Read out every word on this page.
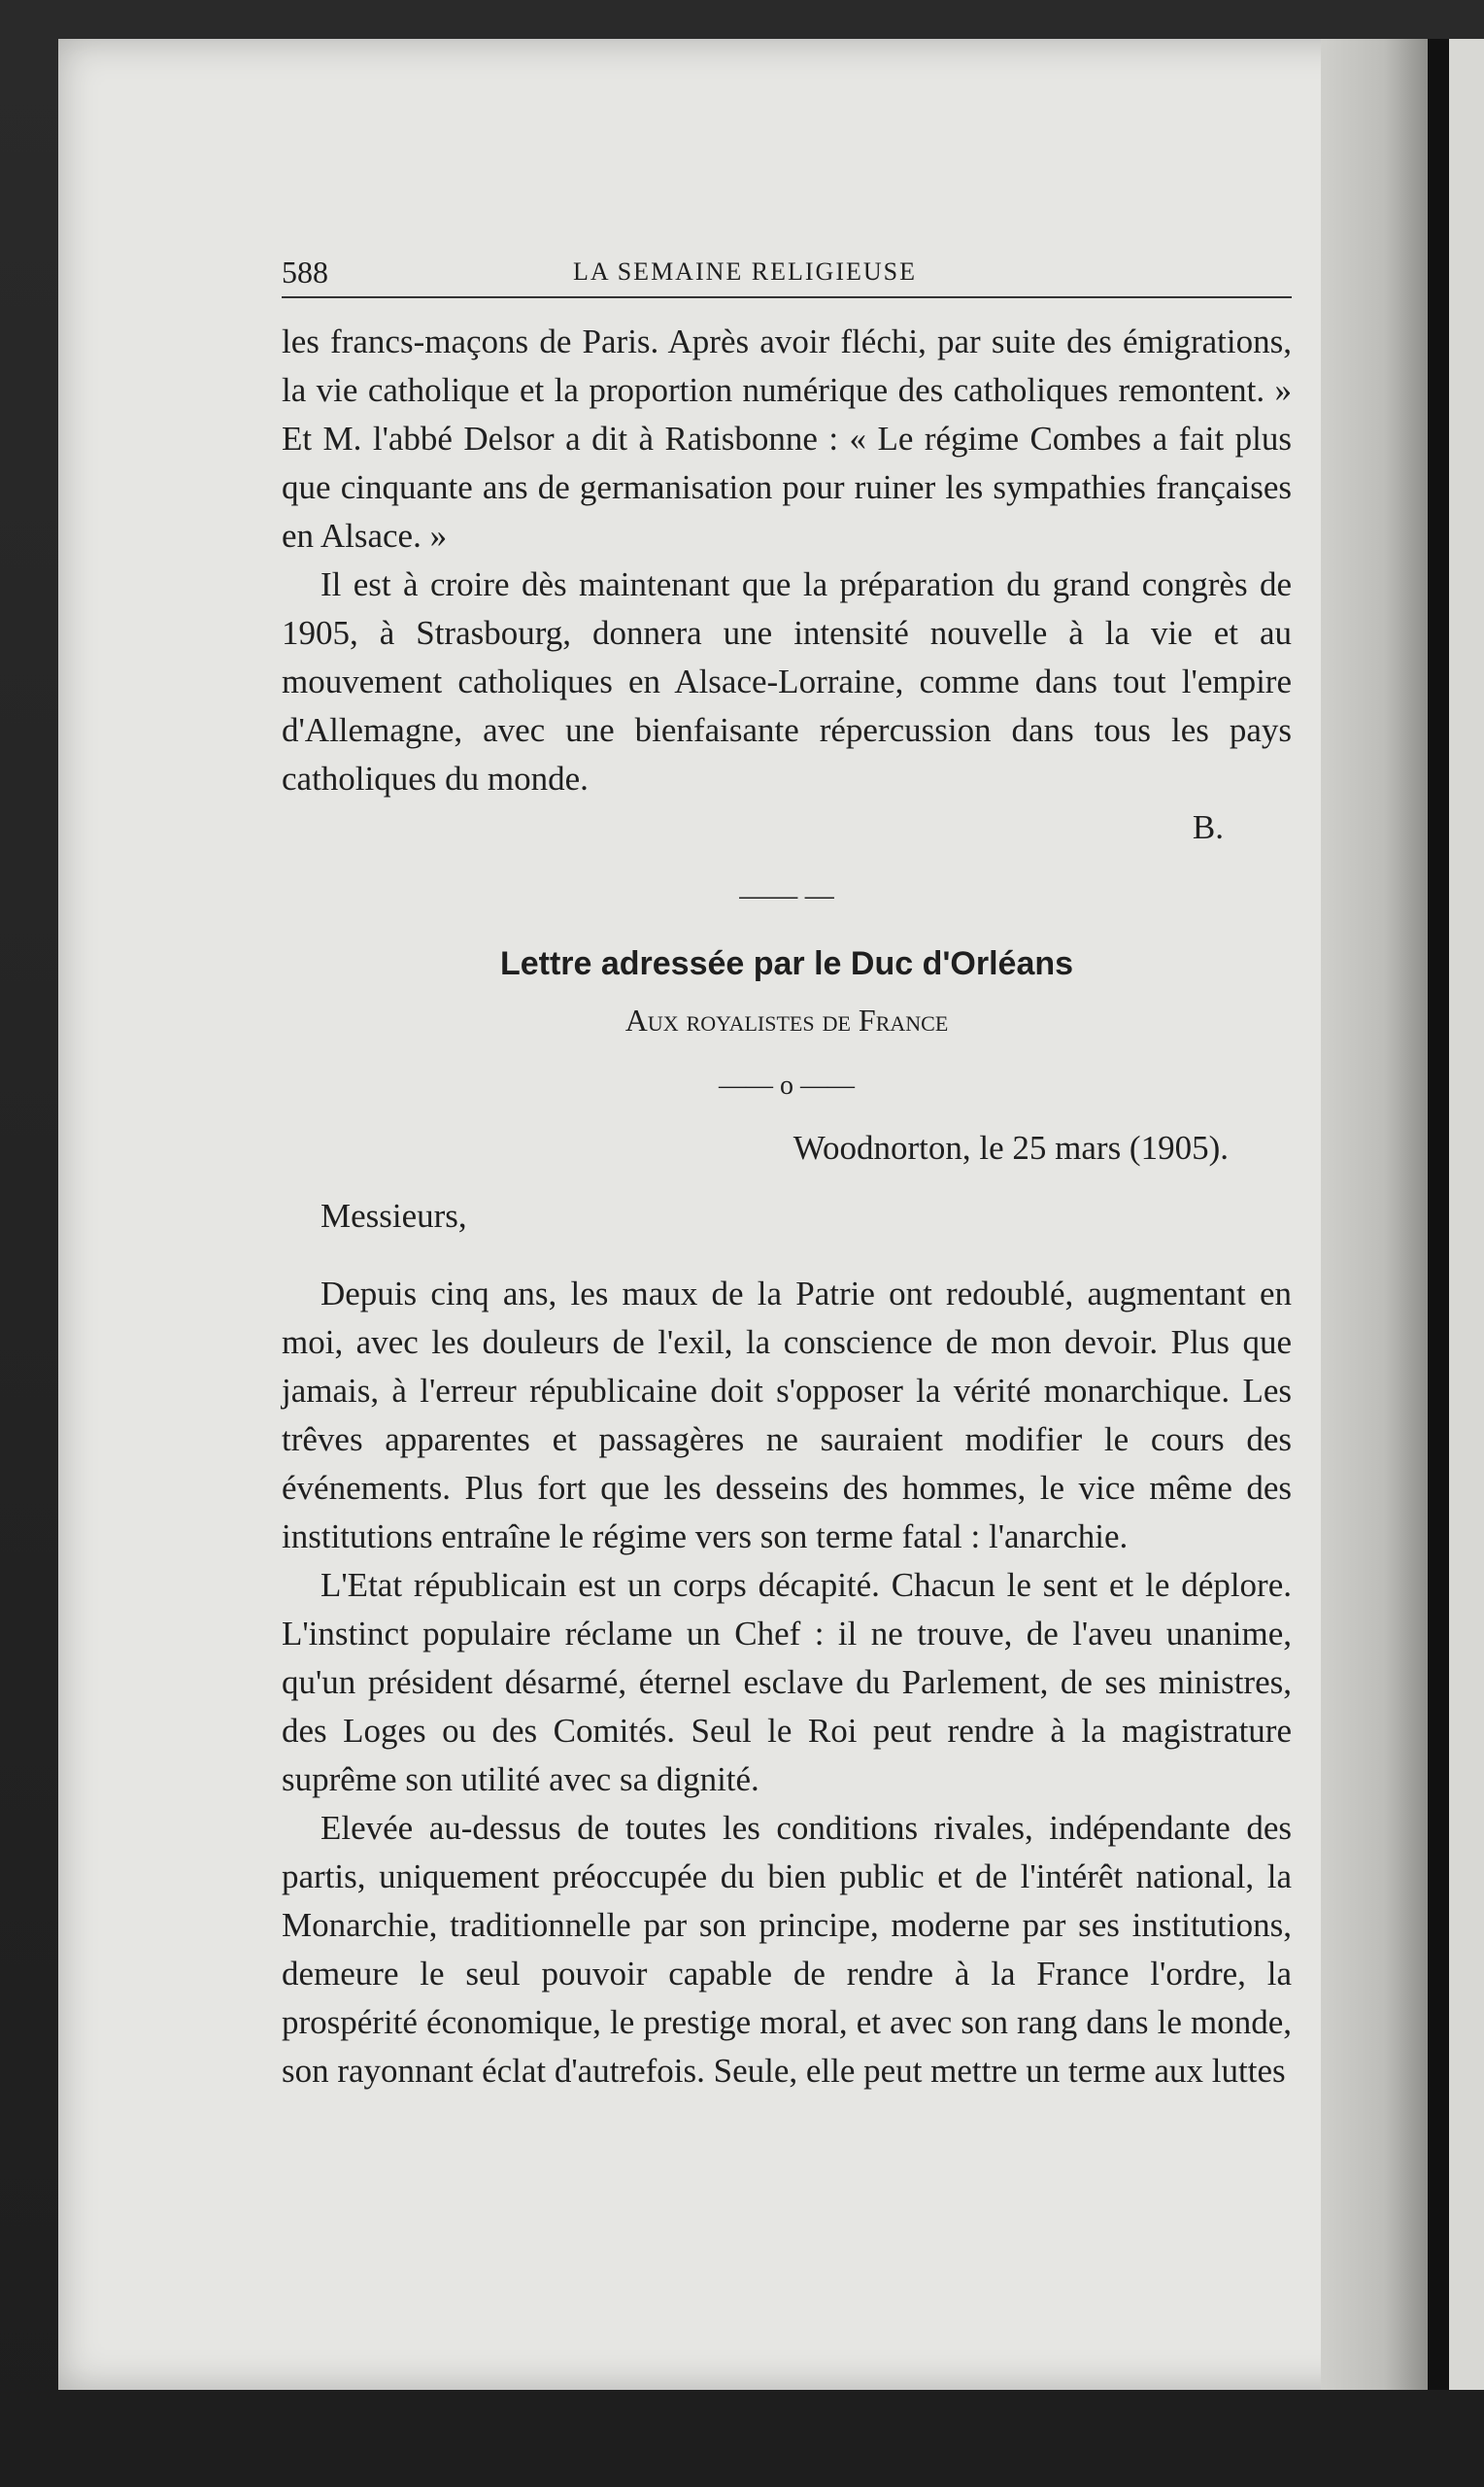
588	LA SEMAINE RELIGIEUSE

les francs-maçons de Paris. Après avoir fléchi, par suite des émigrations, la vie catholique et la proportion numérique des catholiques remontent. » Et M. l'abbé Delsor a dit à Ratisbonne : « Le régime Combes a fait plus que cinquante ans de germanisation pour ruiner les sympathies françaises en Alsace. »

Il est à croire dès maintenant que la préparation du grand congrès de 1905, à Strasbourg, donnera une intensité nouvelle à la vie et au mouvement catholiques en Alsace-Lorraine, comme dans tout l'empire d'Allemagne, avec une bienfaisante répercussion dans tous les pays catholiques du monde.

B.

—— —
Lettre adressée par le Duc d'Orléans
Aux royalistes de France
—— o ——

Woodnorton, le 25 mars (1905).

Messieurs,

Depuis cinq ans, les maux de la Patrie ont redoublé, augmentant en moi, avec les douleurs de l'exil, la conscience de mon devoir. Plus que jamais, à l'erreur républicaine doit s'opposer la vérité monarchique. Les trêves apparentes et passagères ne sauraient modifier le cours des événements. Plus fort que les desseins des hommes, le vice même des institutions entraîne le régime vers son terme fatal : l'anarchie.

L'Etat républicain est un corps décapité. Chacun le sent et le déplore. L'instinct populaire réclame un Chef : il ne trouve, de l'aveu unanime, qu'un président désarmé, éternel esclave du Parlement, de ses ministres, des Loges ou des Comités. Seul le Roi peut rendre à la magistrature suprême son utilité avec sa dignité.

Elevée au-dessus de toutes les conditions rivales, indépendante des partis, uniquement préoccupée du bien public et de l'intérêt national, la Monarchie, traditionnelle par son principe, moderne par ses institutions, demeure le seul pouvoir capable de rendre à la France l'ordre, la prospérité économique, le prestige moral, et avec son rang dans le monde, son rayonnant éclat d'autrefois. Seule, elle peut mettre un terme aux luttes
